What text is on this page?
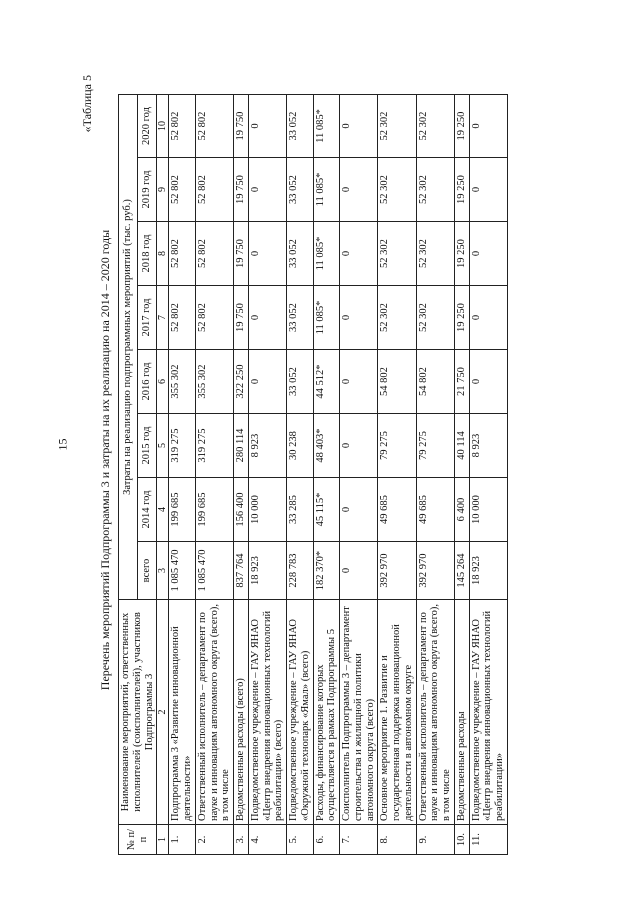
15
«Таблица 5
Перечень мероприятий Подпрограммы 3 и затраты на их реализацию на 2014 – 2020 годы
№ п/п	Наименование мероприятий, ответственных исполнителей (соисполнителей), участников Подпрограммы 3	Затраты на реализацию подпрограммных мероприятий (тыс. руб.)							
		всего	2014 год	2015 год	2016 год	2017 год	2018 год	2019 год	2020 год
1	2	3	4	5	6	7	8	9	10
1.	Подпрограмма 3 «Развитие инновационной деятельности»	1 085 470	199 685	319 275	355 302	52 802	52 802	52 802	52 802
2.	Ответственный исполнитель – департамент по науке и инновациям автономного округа (всего), в том числе	1 085 470	199 685	319 275	355 302	52 802	52 802	52 802	52 802
3.	Ведомственные расходы (всего)	837 764	156 400	280 114	322 250	19 750	19 750	19 750	19 750
4.	Подведомственное учреждение – ГАУ ЯНАО «Центр внедрения инновационных технологий реабилитации» (всего)	18 923	10 000	8 923	0	0	0	0	0
5.	Подведомственное учреждение – ГАУ ЯНАО «Окружной технопарк «Ямал» (всего)	228 783	33 285	30 238	33 052	33 052	33 052	33 052	33 052
6.	Расходы, финансирование которых осуществляется в рамках Подпрограммы 5	182 370*	45 115*	48 403*	44 512*	11 085*	11 085*	11 085*	11 085*
7.	Соисполнитель Подпрограммы 3 – департамент строительства и жилищной политики автономного округа (всего)	0	0	0	0	0	0	0	0
8.	Основное мероприятие 1. Развитие и государственная поддержка инновационной деятельности в автономном округе	392 970	49 685	79 275	54 802	52 302	52 302	52 302	52 302
9.	Ответственный исполнитель – департамент по науке и инновациям автономного округа (всего), в том числе	392 970	49 685	79 275	54 802	52 302	52 302	52 302	52 302
10.	Ведомственные расходы	145 264	6 400	40 114	21 750	19 250	19 250	19 250	19 250
11.	Подведомственное учреждение – ГАУ ЯНАО «Центр внедрения инновационных технологий реабилитации»	18 923	10 000	8 923	0	0	0	0	0
